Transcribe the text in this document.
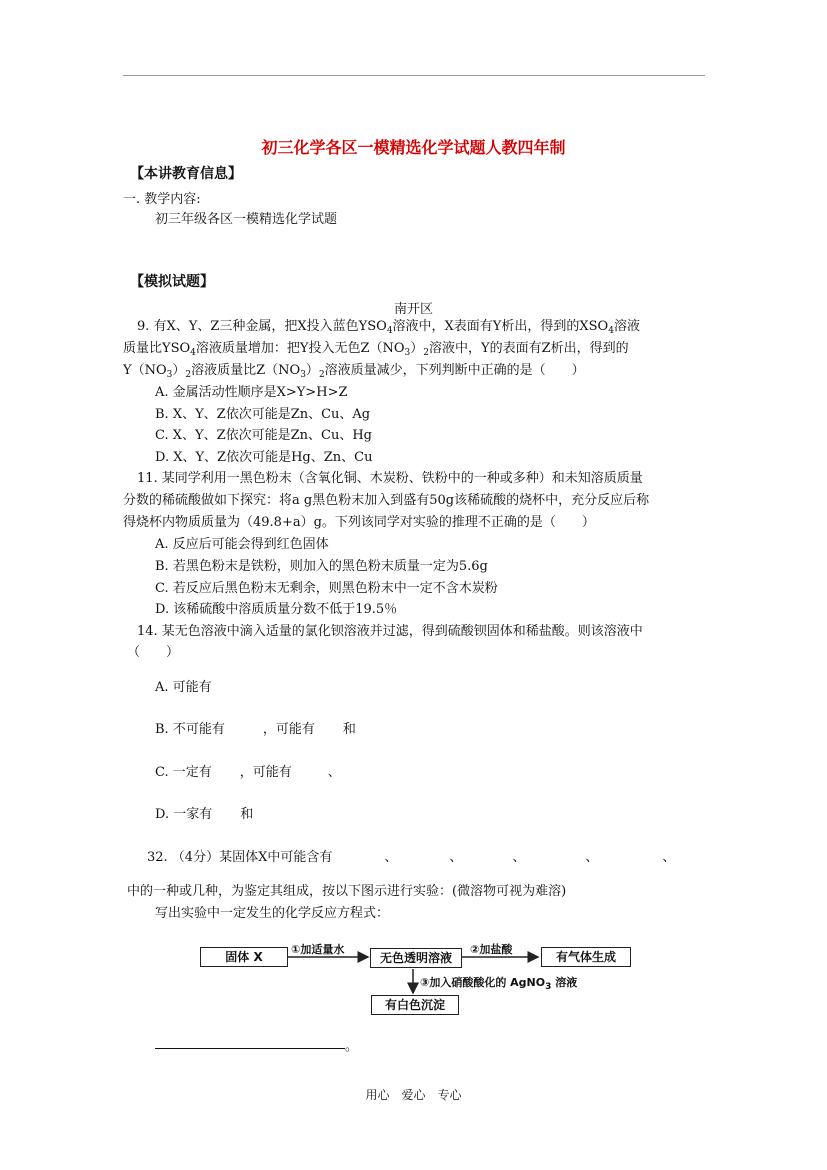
初三化学各区一模精选化学试题人教四年制
【本讲教育信息】
一. 教学内容:
初三年级各区一模精选化学试题
【模拟试题】
南开区
9. 有X、Y、Z三种金属，把X投入蓝色$YSO_4$溶液中，X表面有Y析出，得到的$XSO_4$溶液
质量比$YSO_4$溶液质量增加：把Y投入无色$Z(NO_3)_2$溶液中，Y的表面有Z析出，得到的
$Y(NO_3)_2$溶液质量比$Z(NO_3)_2$溶液质量减少，下列判断中正确的是（　　）
A. 金属活动性顺序是X>Y>H>Z
B. X、Y、Z依次可能是Zn、Cu、Ag
C. X、Y、Z依次可能是Zn、Cu、Hg
D. X、Y、Z依次可能是Hg、Zn、Cu
11. 某同学利用一黑色粉末（含氧化铜、木炭粉、铁粉中的一种或多种）和未知溶质质量
分数的稀硫酸做如下探究：将a g黑色粉末加入到盛有50g该稀硫酸的烧杯中，充分反应后称
得烧杯内物质质量为（49.8+a）g。下列该同学对实验的推理不正确的是（　　）
A. 反应后可能会得到红色固体
B. 若黑色粉末是铁粉，则加入的黑色粉末质量一定为5.6g
C. 若反应后黑色粉末无剩余，则黑色粉末中一定不含木炭粉
D. 该稀硫酸中溶质质量分数不低于19.5％
14. 某无色溶液中滴入适量的氯化钡溶液并过滤，得到硫酸钡固体和稀盐酸。则该溶液中
（　　）
A. 可能有
B. 不可能有	，可能有 和
C. 一定有 ，可能有	、
D. 一家有 和
32. （4分）某固体X中可能含有	、	、	、	、	、
中的一种或几种，为鉴定其组成，按以下图示进行实验：(微溶物可视为难溶)
写出实验中一定发生的化学反应方程式：
固体 X
①加适量水
无色透明溶液
②加盐酸
有气体生成
③加入硝酸酸化的 AgNO$_3$ 溶液
有白色沉淀
。
用心　爱心　专心
